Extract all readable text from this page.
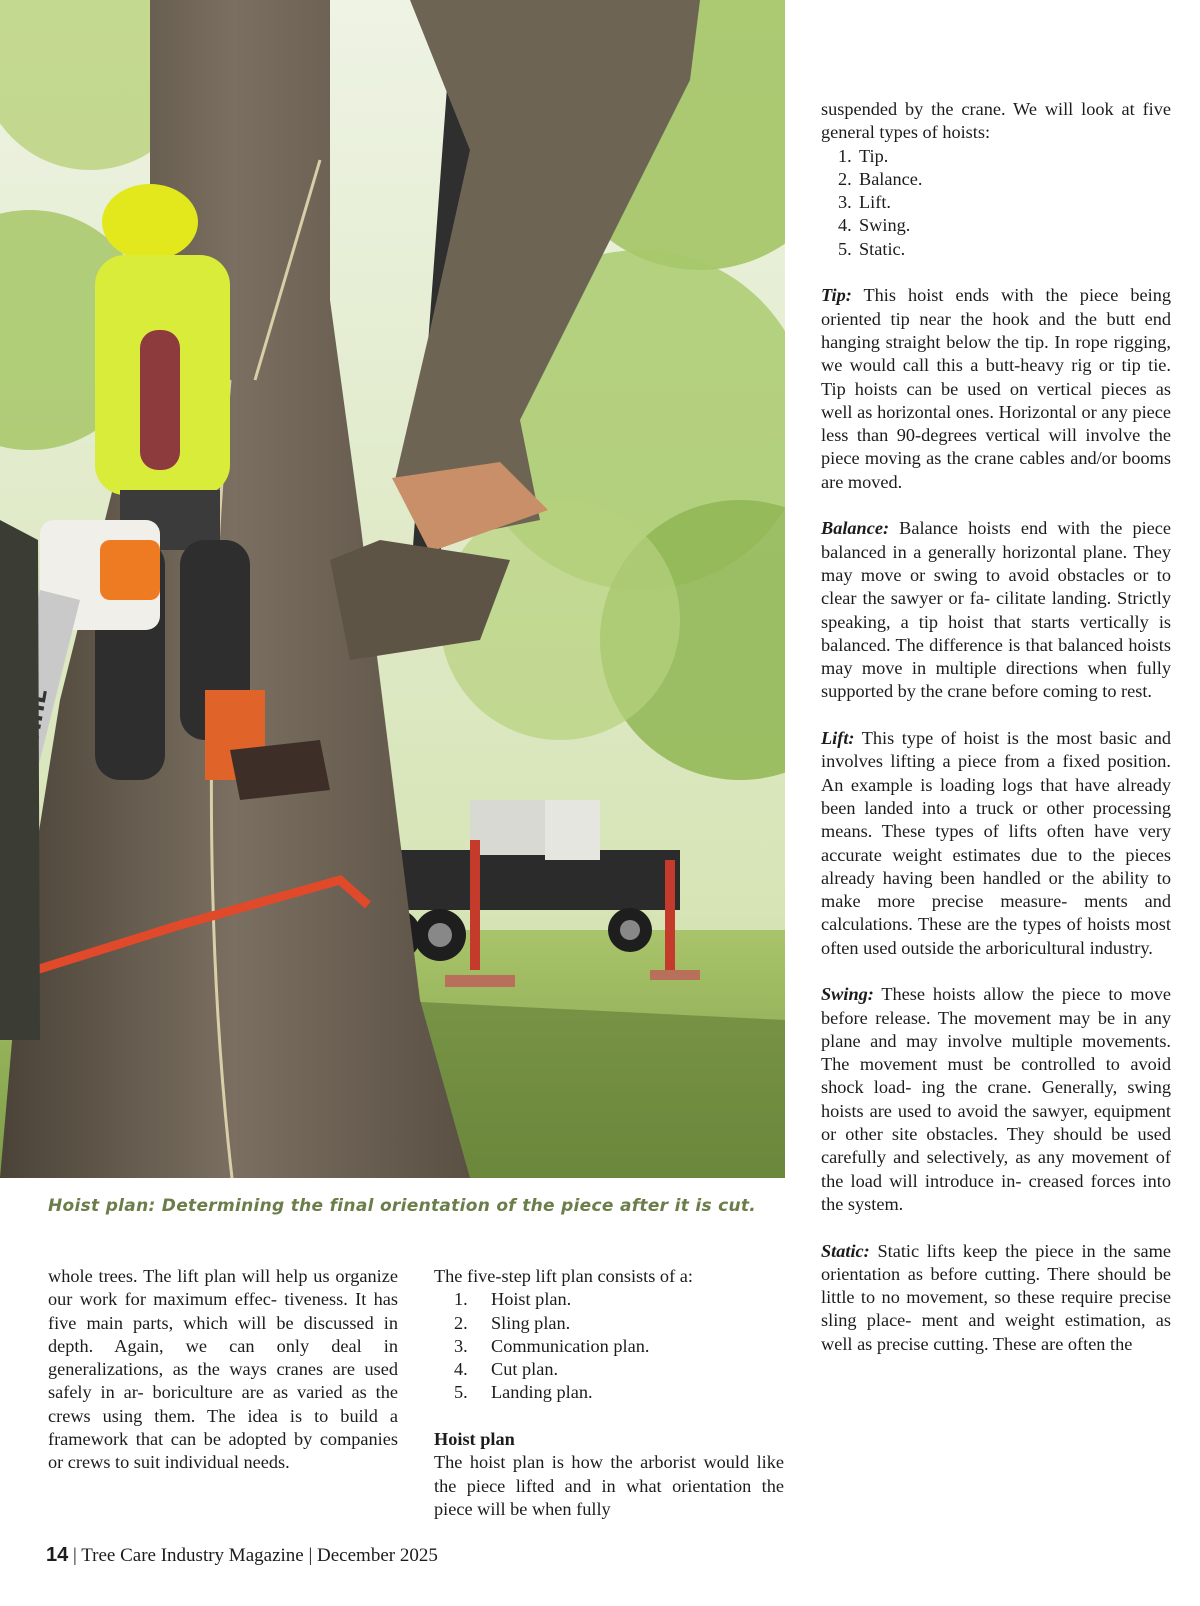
Hoist plan: Determining the final orientation of the piece after it is cut.

whole trees. The lift plan will help us organize our work for maximum effec- tiveness. It has five main parts, which will be discussed in depth. Again, we can only deal in generalizations, as the ways cranes are used safely in ar- boriculture are as varied as the crews using them. The idea is to build a framework that can be adopted by companies or crews to suit individual needs.

The five-step lift plan consists of a:

1.	Hoist plan.
2.	Sling plan.
3.	Communication plan.
4.	Cut plan.
5.	Landing plan.

Hoist plan

The hoist plan is how the arborist would like the piece lifted and in what orientation the piece will be when fully

suspended by the crane. We will look at five general types of hoists:

1. Tip.
2. Balance.
3. Lift.
4. Swing.
5. Static.

Tip: This hoist ends with the piece being oriented tip near the hook and the butt end hanging straight below the tip. In rope rigging, we would call this a butt-heavy rig or tip tie. Tip hoists can be used on vertical pieces as well as horizontal ones. Horizontal or any piece less than 90-degrees vertical will involve the piece moving as the crane cables and/or booms are moved.

Balance: Balance hoists end with the piece balanced in a generally horizontal plane. They may move or swing to avoid obstacles or to clear the sawyer or fa- cilitate landing. Strictly speaking, a tip hoist that starts vertically is balanced. The difference is that balanced hoists may move in multiple directions when fully supported by the crane before coming to rest.

Lift: This type of hoist is the most basic and involves lifting a piece from a fixed position. An example is loading logs that have already been landed into a truck or other processing means. These types of lifts often have very accurate weight estimates due to the pieces already having been handled or the ability to make more precise measure- ments and calculations. These are the types of hoists most often used outside the arboricultural industry.

Swing: These hoists allow the piece to move before release. The movement may be in any plane and may involve multiple movements. The movement must be controlled to avoid shock load- ing the crane. Generally, swing hoists are used to avoid the sawyer, equipment or other site obstacles. They should be used carefully and selectively, as any movement of the load will introduce in- creased forces into the system.

Static: Static lifts keep the piece in the same orientation as before cutting. There should be little to no movement, so these require precise sling place- ment and weight estimation, as well as precise cutting. These are often the

14 | Tree Care Industry Magazine | December 2025
